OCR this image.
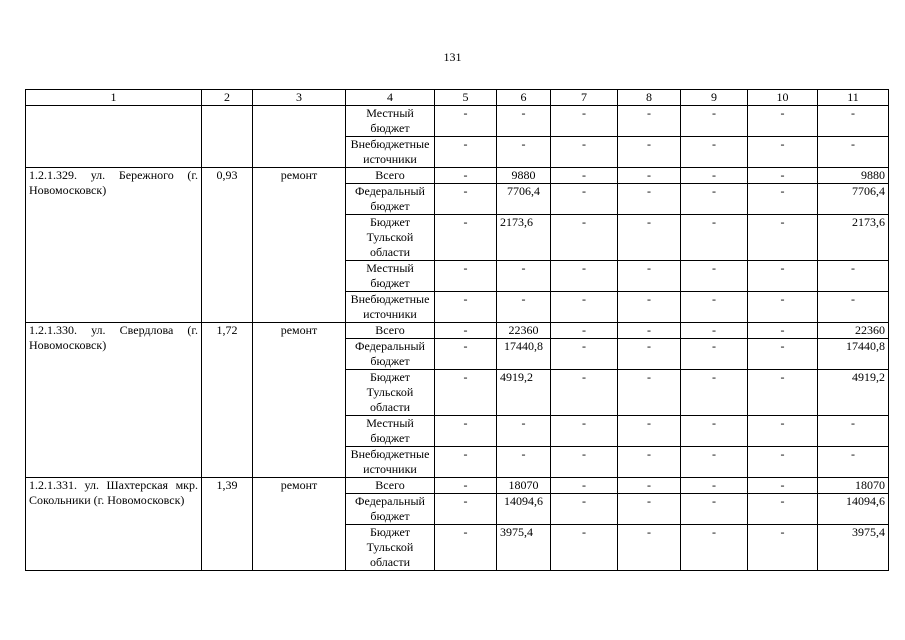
131
1	2	3	4	5	6	7	8	9	10	11
			Местный бюджет	-	-	-	-	-	-	-
			Внебюджетные источники	-	-	-	-	-	-	-
1.2.1.329. ул. Бережного (г. Новомосковск)	0,93	ремонт	Всего	-	9880	-	-	-	-	9880
			Федеральный бюджет	-	7706,4	-	-	-	-	7706,4
			Бюджет Тульской области	-	2173,6	-	-	-	-	2173,6
			Местный бюджет	-	-	-	-	-	-	-
			Внебюджетные источники	-	-	-	-	-	-	-
1.2.1.330. ул. Свердлова (г. Новомосковск)	1,72	ремонт	Всего	-	22360	-	-	-	-	22360
			Федеральный бюджет	-	17440,8	-	-	-	-	17440,8
			Бюджет Тульской области	-	4919,2	-	-	-	-	4919,2
			Местный бюджет	-	-	-	-	-	-	-
			Внебюджетные источники	-	-	-	-	-	-	-
1.2.1.331. ул. Шахтерская мкр. Сокольники (г. Новомосковск)	1,39	ремонт	Всего	-	18070	-	-	-	-	18070
			Федеральный бюджет	-	14094,6	-	-	-	-	14094,6
			Бюджет Тульской области	-	3975,4	-	-	-	-	3975,4
